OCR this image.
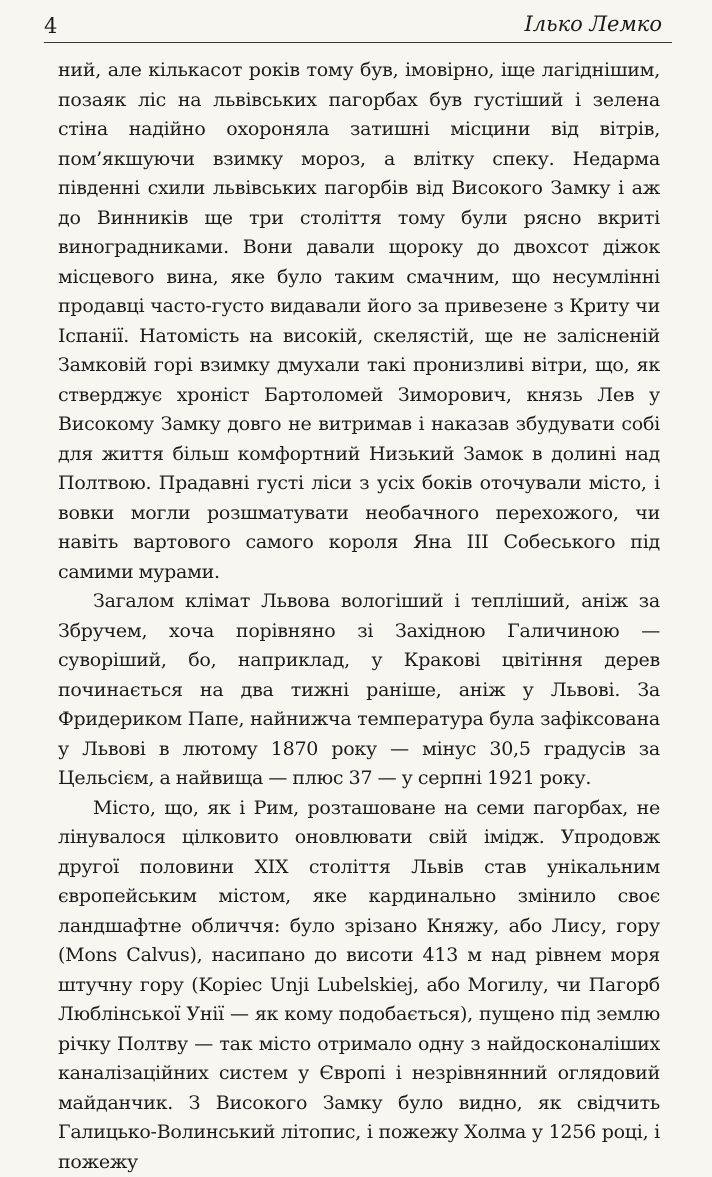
4	Ілько Лемко

ний, але кількасот років тому був, імовірно, іще лагіднішим, позаяк ліс на львівських пагорбах був густіший і зелена стіна надійно охороняла затишні місцини від вітрів, пом’якшуючи взимку мороз, а влітку спеку. Недарма південні схили львівських пагорбів від Високого Замку і аж до Винників ще три століття тому були рясно вкриті виноградниками. Вони давали щороку до двохсот діжок місцевого вина, яке було таким смачним, що несумлінні продавці часто-густо видавали його за привезене з Криту чи Іспанії. Натомість на високій, скелястій, ще не залісненій Замковій горі взимку дмухали такі пронизливі вітри, що, як стверджує хроніст Бартоломей Зиморович, князь Лев у Високому Замку довго не витримав і наказав збудувати собі для життя більш комфортний Низький Замок в долині над Полтвою. Прадавні густі ліси з усіх боків оточували місто, і вовки могли розшматувати необачного перехожого, чи навіть вартового самого короля Яна III Собеського під самими мурами.

Загалом клімат Львова вологіший і тепліший, аніж за Збручем, хоча порівняно зі Західною Галичиною — суворіший, бо, наприклад, у Кракові цвітіння дерев починається на два тижні раніше, аніж у Львові. За Фридериком Папе, найнижча температура була зафіксована у Львові в лютому 1870 року — мінус 30,5 градусів за Цельсієм, а найвища — плюс 37 — у серпні 1921 року.

Місто, що, як і Рим, розташоване на семи пагорбах, не лінувалося цілковито оновлювати свій імідж. Упродовж другої половини XIX століття Львів став унікальним європейським містом, яке кардинально змінило своє ландшафтне обличчя: було зрізано Княжу, або Лису, гору (Mons Calvus), насипано до висоти 413 м над рівнем моря штучну гору (Kopiec Unji Lubelskiej, або Могилу, чи Пагорб Люблінської Унії — як кому подобається), пущено під землю річку Полтву — так місто отримало одну з найдосконаліших каналізаційних систем у Європі і незрівнянний оглядовий майданчик. З Високого Замку було видно, як свідчить Галицько-Волинський літопис, і пожежу Холма у 1256 році, і пожежу
